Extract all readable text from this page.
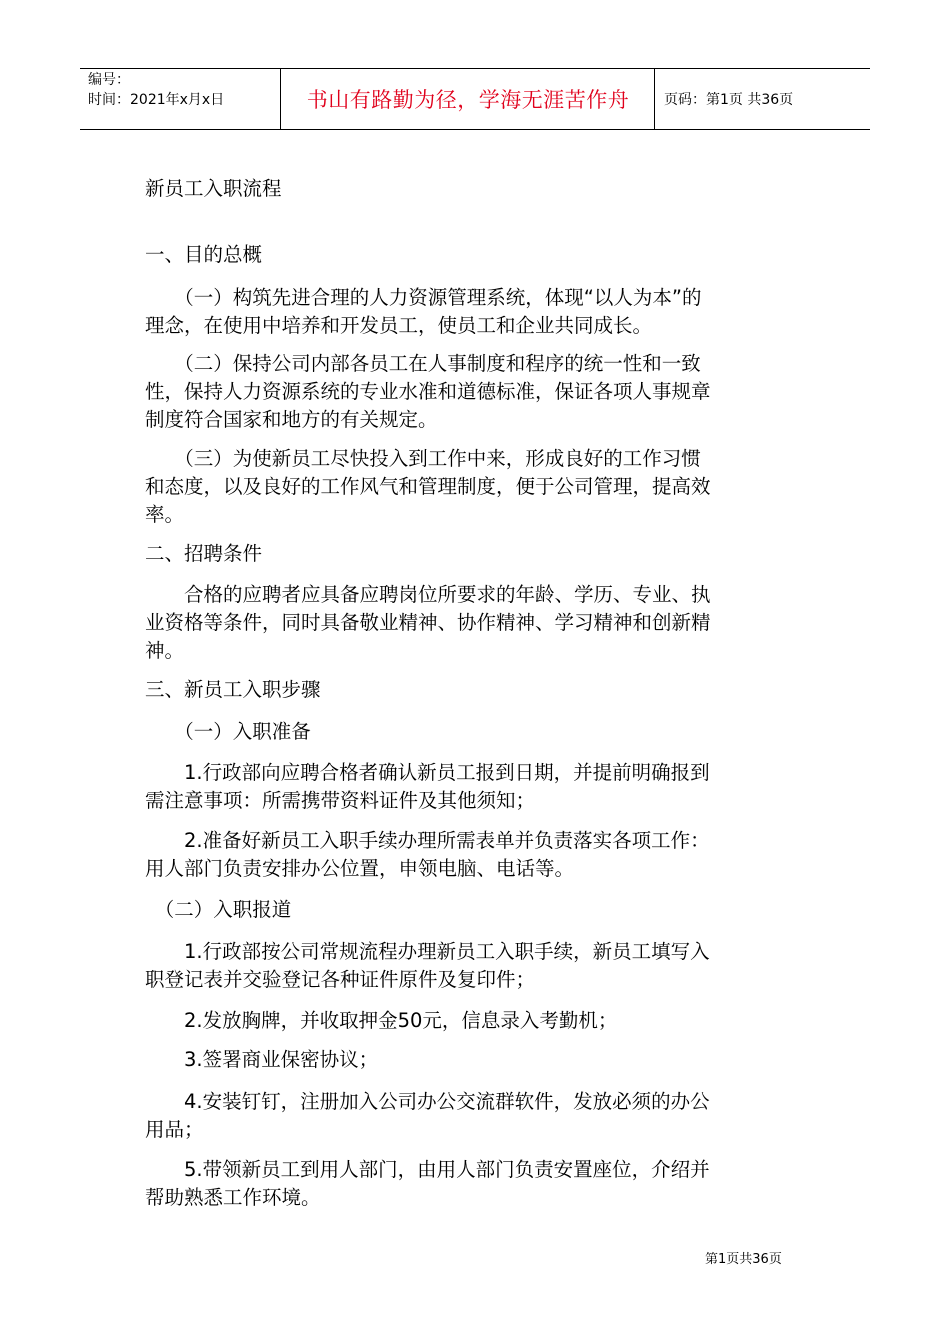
编号：
时间：2021年x月x日	书山有路勤为径，学海无涯苦作舟	页码：第1页 共36页

新员工入职流程

一、目的总概

　　（一）构筑先进合理的人力资源管理系统，体现“以人为本”的

理念，在使用中培养和开发员工，使员工和企业共同成长。

　　（二）保持公司内部各员工在人事制度和程序的统一性和一致

性，保持人力资源系统的专业水准和道德标准，保证各项人事规章

制度符合国家和地方的有关规定。

　　（三）为使新员工尽快投入到工作中来，形成良好的工作习惯

和态度，以及良好的工作风气和管理制度，便于公司管理，提高效

率。

二、招聘条件

　　合格的应聘者应具备应聘岗位所要求的年龄、学历、专业、执

业资格等条件，同时具备敬业精神、协作精神、学习精神和创新精

神。

三、新员工入职步骤

　　（一）入职准备

　　1.行政部向应聘合格者确认新员工报到日期，并提前明确报到

需注意事项：所需携带资料证件及其他须知；

　　2.准备好新员工入职手续办理所需表单并负责落实各项工作：

用人部门负责安排办公位置，申领电脑、电话等。

　（二）入职报道

　　1.行政部按公司常规流程办理新员工入职手续，新员工填写入

职登记表并交验登记各种证件原件及复印件；

　　2.发放胸牌，并收取押金50元，信息录入考勤机；

　　3.签署商业保密协议；

　　4.安装钉钉，注册加入公司办公交流群软件，发放必须的办公

用品；

　　5.带领新员工到用人部门，由用人部门负责安置座位，介绍并

帮助熟悉工作环境。

第1页共36页
